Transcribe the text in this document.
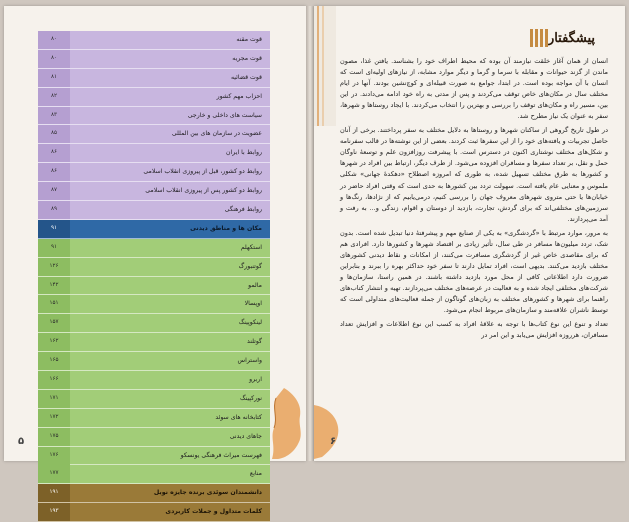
قوت مقنه
۸۰
قوت مجریه
۸۰
قوت قضائیه
۸۱
احزاب مهم کشور
۸۲
سیاست های داخلی و خارجی
۸۳
عضویت در سازمان های بین المللی
۸۵
روابط با ایران
۸۶
روابط دو کشور، قبل از پیروزی انقلاب اسلامی
۸۶
روابط دو کشور پس از پیروزی انقلاب اسلامی
۸۷
روابط فرهنگی
۸۹
مکان ها و مناطق دیدنی
۹۱
استکهلم
۹۱
گوتنبورگ
۱۲۶
مالمو
۱۴۲
اوپسالا
۱۵۱
لینکوپینگ
۱۵۷
گوتلند
۱۶۲
واستراس
۱۶۵
اربرو
۱۶۶
نورکپینگ
۱۷۱
کتابخانه های سوئد
۱۷۲
جاهای دیدنی
۱۷۵
فهرست میراث فرهنگی یونسکو
۱۷۶
منابع
۱۷۷
دانشمندان سوئدی برنده جایزه نوبل
۱۹۱
کلمات متداول و جملات کاربردی
۱۹۳
۵
پیشگفتار

انسان از همان آغاز خلقت نیازمند آن بوده که محیط اطراف خود را بشناسد. یافتن غذا، مصون ماندن از گزند حیوانات و مقابله با سرما و گرما و دیگر موارد مشابه، از نیازهای اولیه‌ای است که انسان با آن مواجه بوده است. در ابتدا، جوامع به صورت قبیله‌ای و کوچ‌نشین بودند. آنها در ایام مختلف سال در مکان‌های خاص توقف می‌کردند و پس از مدتی به راه خود ادامه می‌دادند. در این بین، مسیر راه و مکان‌های توقف را بررسی و بهترین را انتخاب می‌کردند. با ایجاد روستاها و شهرها، سفر به عنوان یک نیاز مطرح شد.

در طول تاریخ گروهی از ساکنان شهرها و روستاها به دلایل مختلف به سفر پرداختند. برخی از آنان حاصل تجربیات و یافته‌های خود را از این سفرها ثبت کردند. بعضی از این نوشته‌ها در قالب سفرنامه و شکل‌های مختلف نوشتاری اکنون در دسترس است. با پیشرفت روزافزون علم و توسعهٔ ناوگان حمل و نقل، بر تعداد سفرها و مسافران افزوده می‌شود. از طرف دیگر، ارتباط بین افراد در شهرها و کشورها به طرق مختلف تسهیل شده، به طوری که امروزه اصطلاح «دهکدهٔ جهانی» شکلی ملموس و معنایی عام یافته است. سهولت تردد بین کشورها به حدی است که وقتی افراد حاضر در خیابان‌ها یا حتی متروی شهرهای معروف جهان را بررسی کنیم، درمی‌یابیم که از نژادها، رنگ‌ها و سرزمین‌های مختلفی‌اند که برای گردش، تجارت، بازدید از دوستان و اقوام، زندگی و... به رفت و آمد می‌پردازند.

به مرور، موارد مرتبط با «گردشگری» به یکی از صنایع مهم و پیشرفتهٔ دنیا تبدیل شده است. بدون شک، تردد میلیون‌ها مسافر در طی سال، تأثیر زیادی بر اقتصاد شهرها و کشورها دارد. افرادی هم که برای مقاصدی خاص غیر از گردشگری مسافرت می‌کنند، از امکانات و نقاط دیدنی کشورهای مختلف بازدید می‌کنند. بدیهی است، افراد تمایل دارند تا سفر خود حداکثر بهره را ببرند و بنابراین ضرورت دارد اطلاعاتی کافی از محل مورد بازدید داشته باشند. در همین راستا، سازمان‌ها و شرکت‌های مختلفی ایجاد شده و به فعالیت در عرصه‌های مختلف می‌پردازند. تهیه و انتشار کتاب‌های راهنما برای شهرها و کشورهای مختلف به زبان‌های گوناگون از جمله فعالیت‌های متداولی است که توسط ناشران علاقه‌مند و سازمان‌های مربوط انجام می‌شود.

تعداد و تنوع این نوع کتاب‌ها با توجه به علاقهٔ افراد به کسب این نوع اطلاعات و افزایش تعداد مسافران، هرروزه افزایش می‌یابد و این امر در

۶
